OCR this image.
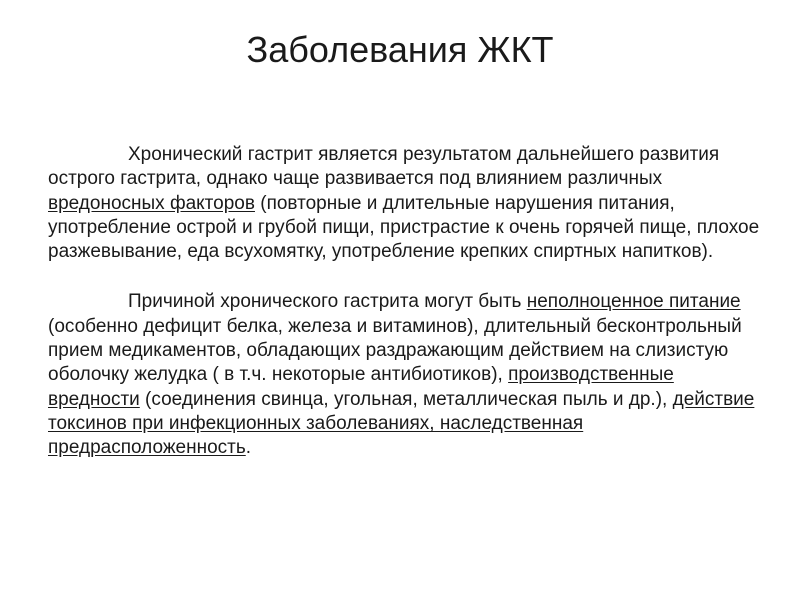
Заболевания ЖКТ

Хронический гастрит является результатом дальнейшего развития острого гастрита, однако чаще развивается под влиянием различных вредоносных факторов (повторные и длительные нарушения питания, употребление острой и грубой пищи, пристрастие к очень горячей пище, плохое разжевывание, еда всухомятку, употребление крепких спиртных напитков).

Причиной хронического гастрита могут быть неполноценное питание (особенно дефицит белка, железа и витаминов), длительный бесконтрольный прием медикаментов, обладающих раздражающим действием на слизистую оболочку желудка ( в т.ч. некоторые антибиотиков), производственные вредности (соединения свинца, угольная, металлическая пыль и др.), действие токсинов при инфекционных заболеваниях, наследственная предрасположенность.
